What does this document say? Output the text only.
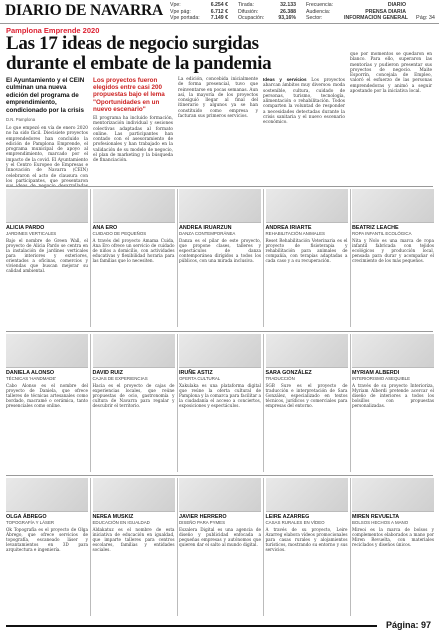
DIARIO DE NAVARRA Vpe:	6.254 €
Vpe pág:	6.712 €
Vpe portada:	7.149 €
Tirada:	32.133
Difusión:	26.388
Ocupación:	93,16%
Frecuencia:	DIARIO
Audiencia:	PRENSA DIARIA
Sector:	INFORMACION GENERAL Pág: 34
Pamplona Emprende 2020
Las 17 ideas de negocio surgidas durante el embate de la pandemia
El Ayuntamiento y el CEIN culminan una nueva edición del programa de emprendimiento, condicionado por la crisis
D.N. Pamplona
Lo que empezó en vía de enero 2020 no ha sido fácil. Diecisiete proyectos emprendedores han concluido la edición de Pamplona Emprende, el programa municipal de apoyo al emprendimiento, marcado por el impacto de la covid. El Ayuntamiento y el Centro Europeo de Empresas e Innovación de Navarra (CEIN) celebraron el acto de clausura con los participantes, que presentaron sus ideas de negocio desarrolladas
Los proyectos fueron elegidos entre casi 200 propuestas bajo el lema "Oportunidades en un nuevo escenario"
El programa ha incluido formación, mentorización individual y sesiones colectivas adaptadas al formato online. Las participantes han contado con el asesoramiento de profesionales y han trabajado en la validación de su modelo de negocio, el plan de marketing y la búsqueda de financiación.
La edición, concebida inicialmente de forma presencial, tuvo que reinventarse en pocas semanas. Aun así, la mayoría de los proyectos consiguió llegar al final del itinerario y algunos ya se han constituido como empresa y facturan sus primeros servicios.
Ideas y servicios Los proyectos abarcan ámbitos muy diversos: moda sostenible, cultura, cuidado de personas, turismo, tecnología, alimentación o rehabilitación. Todos comparten la voluntad de responder a necesidades detectadas durante la crisis sanitaria y el nuevo escenario económico.
que por momentos se quedaron en blanco. Para ello, superaron las mentorías y pudieron presentar sus proyectos de negocio. Maite Esporrín, concejala de Empleo, valoró el esfuerzo de las personas emprendedoras y animó a seguir apostando por la iniciativa local.
ALICIA PARDO
JARDINES VERTICALES
Bajo el nombre de Green Wall, el proyecto de Alicia Pardo se centra en la instalación de jardines verticales para interiores y exteriores, orientados a oficinas, comercios y viviendas que buscan mejorar su calidad ambiental.
ANA ERO
CUIDADO DE PEQUEÑOS
A través del proyecto Amama Cuida, Ana Ero ofrece un servicio de cuidado de niños a domicilio, con actividades educativas y flexibilidad horaria para las familias que lo necesiten.
ANDREA IRUARZUN
DANZA CONTEMPORÁNEA
Danza es el pilar de este proyecto, que propone clases, talleres y espectáculos de danza contemporánea dirigidos a todos los públicos, con una mirada inclusiva.
ANDREA IRIARTE
REHABILITACIÓN ANIMALES
Reset Rehabilitación Veterinaria es el proyecto de fisioterapia y rehabilitación para animales de compañía, con terapias adaptadas a cada caso y a su recuperación.
BEATRIZ LEACHE
ROPA INFANTIL ECOLÓGICA
Nita y Nolo es una marca de ropa infantil fabricada con tejidos ecológicos y producción local, pensada para durar y acompañar el crecimiento de los más pequeños.
DANIELA ALONSO
TÉCNICAS 'HANDMADE'
Cabo Alonso es el nombre del proyecto de Daniela, que ofrece talleres de técnicas artesanales como bordado, macramé o cerámica, tanto presenciales como online.
DAVID RUIZ
CAJAS DE EXPERIENCIAS
Hacia es el proyecto de cajas de experiencias locales, que reúne propuestas de ocio, gastronomía y cultura de Navarra para regalar y descubrir el territorio.
IRUÑE ASTIZ
OFERTA CULTURAL
Xakulaka es una plataforma digital que reúne la oferta cultural de Pamplona y la comarca para facilitar a la ciudadanía el acceso a conciertos, exposiciones y espectáculos.
SARA GONZÁLEZ
TRADUCCIÓN
SGB Sure es el proyecto de traducción e interpretación de Sara González, especializado en textos técnicos, jurídicos y comerciales para empresas del entorno.
MYRIAM ALBERDI
INTERIORISMO ASEQUIBLE
A través de su proyecto Interioriza, Myriam Alberdi pretende acercar el diseño de interiores a todos los bolsillos con propuestas personalizadas.
OLGA ÁBREGO
TOPOGRAFÍA Y LÁSER
Ok Topografía es el proyecto de Olga Ábrego, que ofrece servicios de topografía, escaneado láser y levantamientos en 3D para arquitectura e ingeniería.
NEREA MUSKIZ
EDUCACIÓN EN IGUALDAD
Aldakatuz es el nombre de esta iniciativa de educación en igualdad, que imparte talleres para centros escolares, familias y entidades sociales.
JAVIER HERRERO
DISEÑO PARA PYMES
Eszalera Digital es una agencia de diseño y publicidad enfocada a pequeñas empresas y autónomos que quieren dar el salto al mundo digital.
LEIRE AZARREG
CASAS RURALES EN VÍDEO
A través de su proyecto, Leire Azarreg elabora vídeos promocionales para casas rurales y alojamientos turísticos, mostrando su entorno y sus servicios.
MIREN REVUELTA
BOLSOS HECHOS A MANO
Mireoi es la marca de bolsos y complementos elaborados a mano por Miren Revuelta, con materiales reciclados y diseños únicos.
Página: 97
